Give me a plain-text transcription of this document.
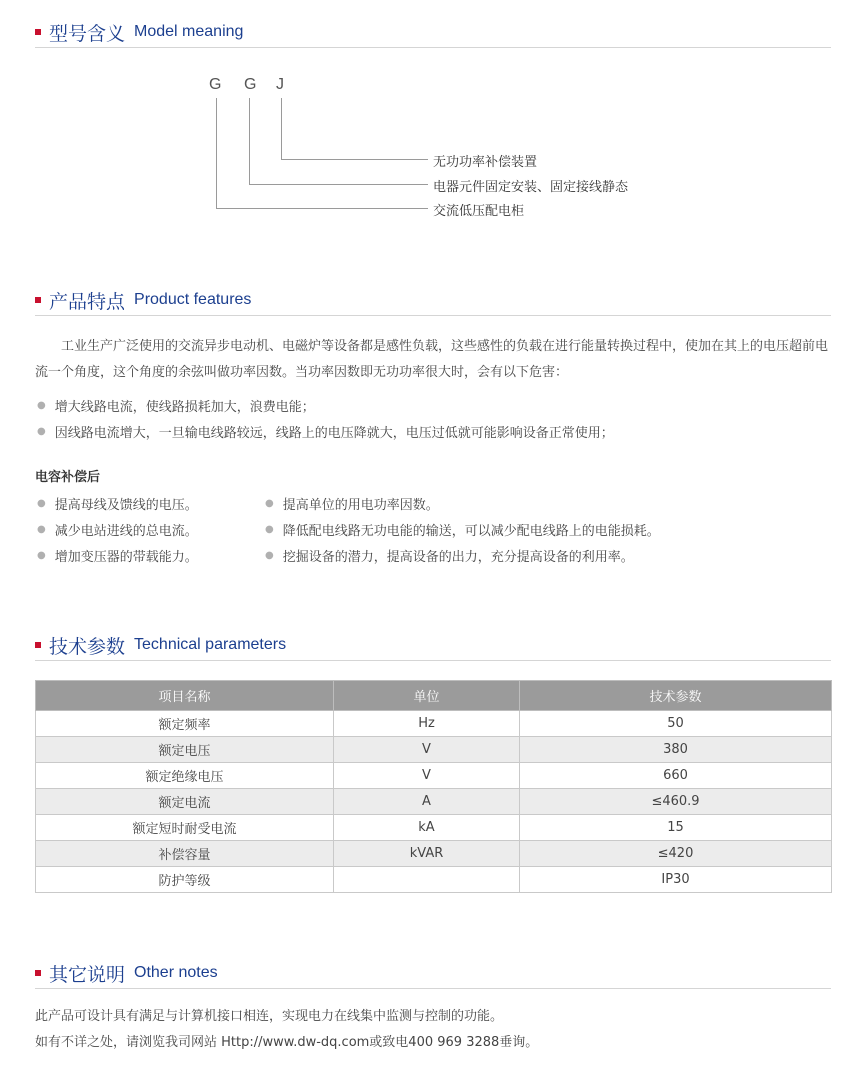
型号含义 Model meaning
G G J
无功功率补偿装置
电器元件固定安装、固定接线静态
交流低压配电柜
产品特点 Product features
工业生产广泛使用的交流异步电动机、电磁炉等设备都是感性负载，这些感性的负载在进行能量转换过程中，使加在其上的电压超前电流一个角度，这个角度的余弦叫做功率因数。当功率因数即无功功率很大时，会有以下危害：
● 增大线路电流，使线路损耗加大，浪费电能；
● 因线路电流增大，一旦输电线路较远，线路上的电压降就大，电压过低就可能影响设备正常使用；
电容补偿后
● 提高母线及馈线的电压。
● 减少电站进线的总电流。
● 增加变压器的带载能力。
● 提高单位的用电功率因数。
● 降低配电线路无功电能的输送，可以减少配电线路上的电能损耗。
● 挖掘设备的潜力，提高设备的出力，充分提高设备的利用率。
技术参数 Technical parameters
项目名称	单位	技术参数
额定频率	Hz	50
额定电压	V	380
额定绝缘电压	V	660
额定电流	A	≤460.9
额定短时耐受电流	kA	15
补偿容量	kVAR	≤420
防护等级		IP30
其它说明 Other notes
此产品可设计具有满足与计算机接口相连，实现电力在线集中监测与控制的功能。
如有不详之处，请浏览我司网站 Http://www.dw-dq.com或致电400 969 3288垂询。
